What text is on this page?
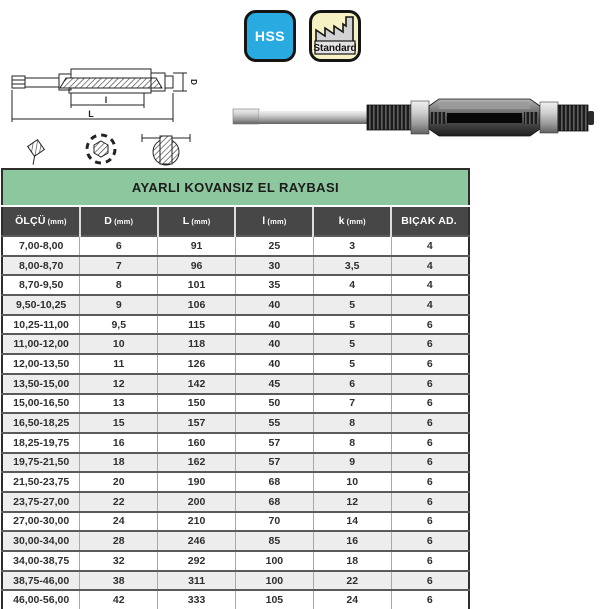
l
L
D
HSS
Standard
AYARLI KOVANSIZ EL RAYBASI					
ÖLÇÜ (mm)	D (mm)	L (mm)	l (mm)	k (mm)	BIÇAK AD.
7,00-8,00	6	91	25	3	4
8,00-8,70	7	96	30	3,5	4
8,70-9,50	8	101	35	4	4
9,50-10,25	9	106	40	5	4
10,25-11,00	9,5	115	40	5	6
11,00-12,00	10	118	40	5	6
12,00-13,50	11	126	40	5	6
13,50-15,00	12	142	45	6	6
15,00-16,50	13	150	50	7	6
16,50-18,25	15	157	55	8	6
18,25-19,75	16	160	57	8	6
19,75-21,50	18	162	57	9	6
21,50-23,75	20	190	68	10	6
23,75-27,00	22	200	68	12	6
27,00-30,00	24	210	70	14	6
30,00-34,00	28	246	85	16	6
34,00-38,75	32	292	100	18	6
38,75-46,00	38	311	100	22	6
46,00-56,00	42	333	105	24	6
